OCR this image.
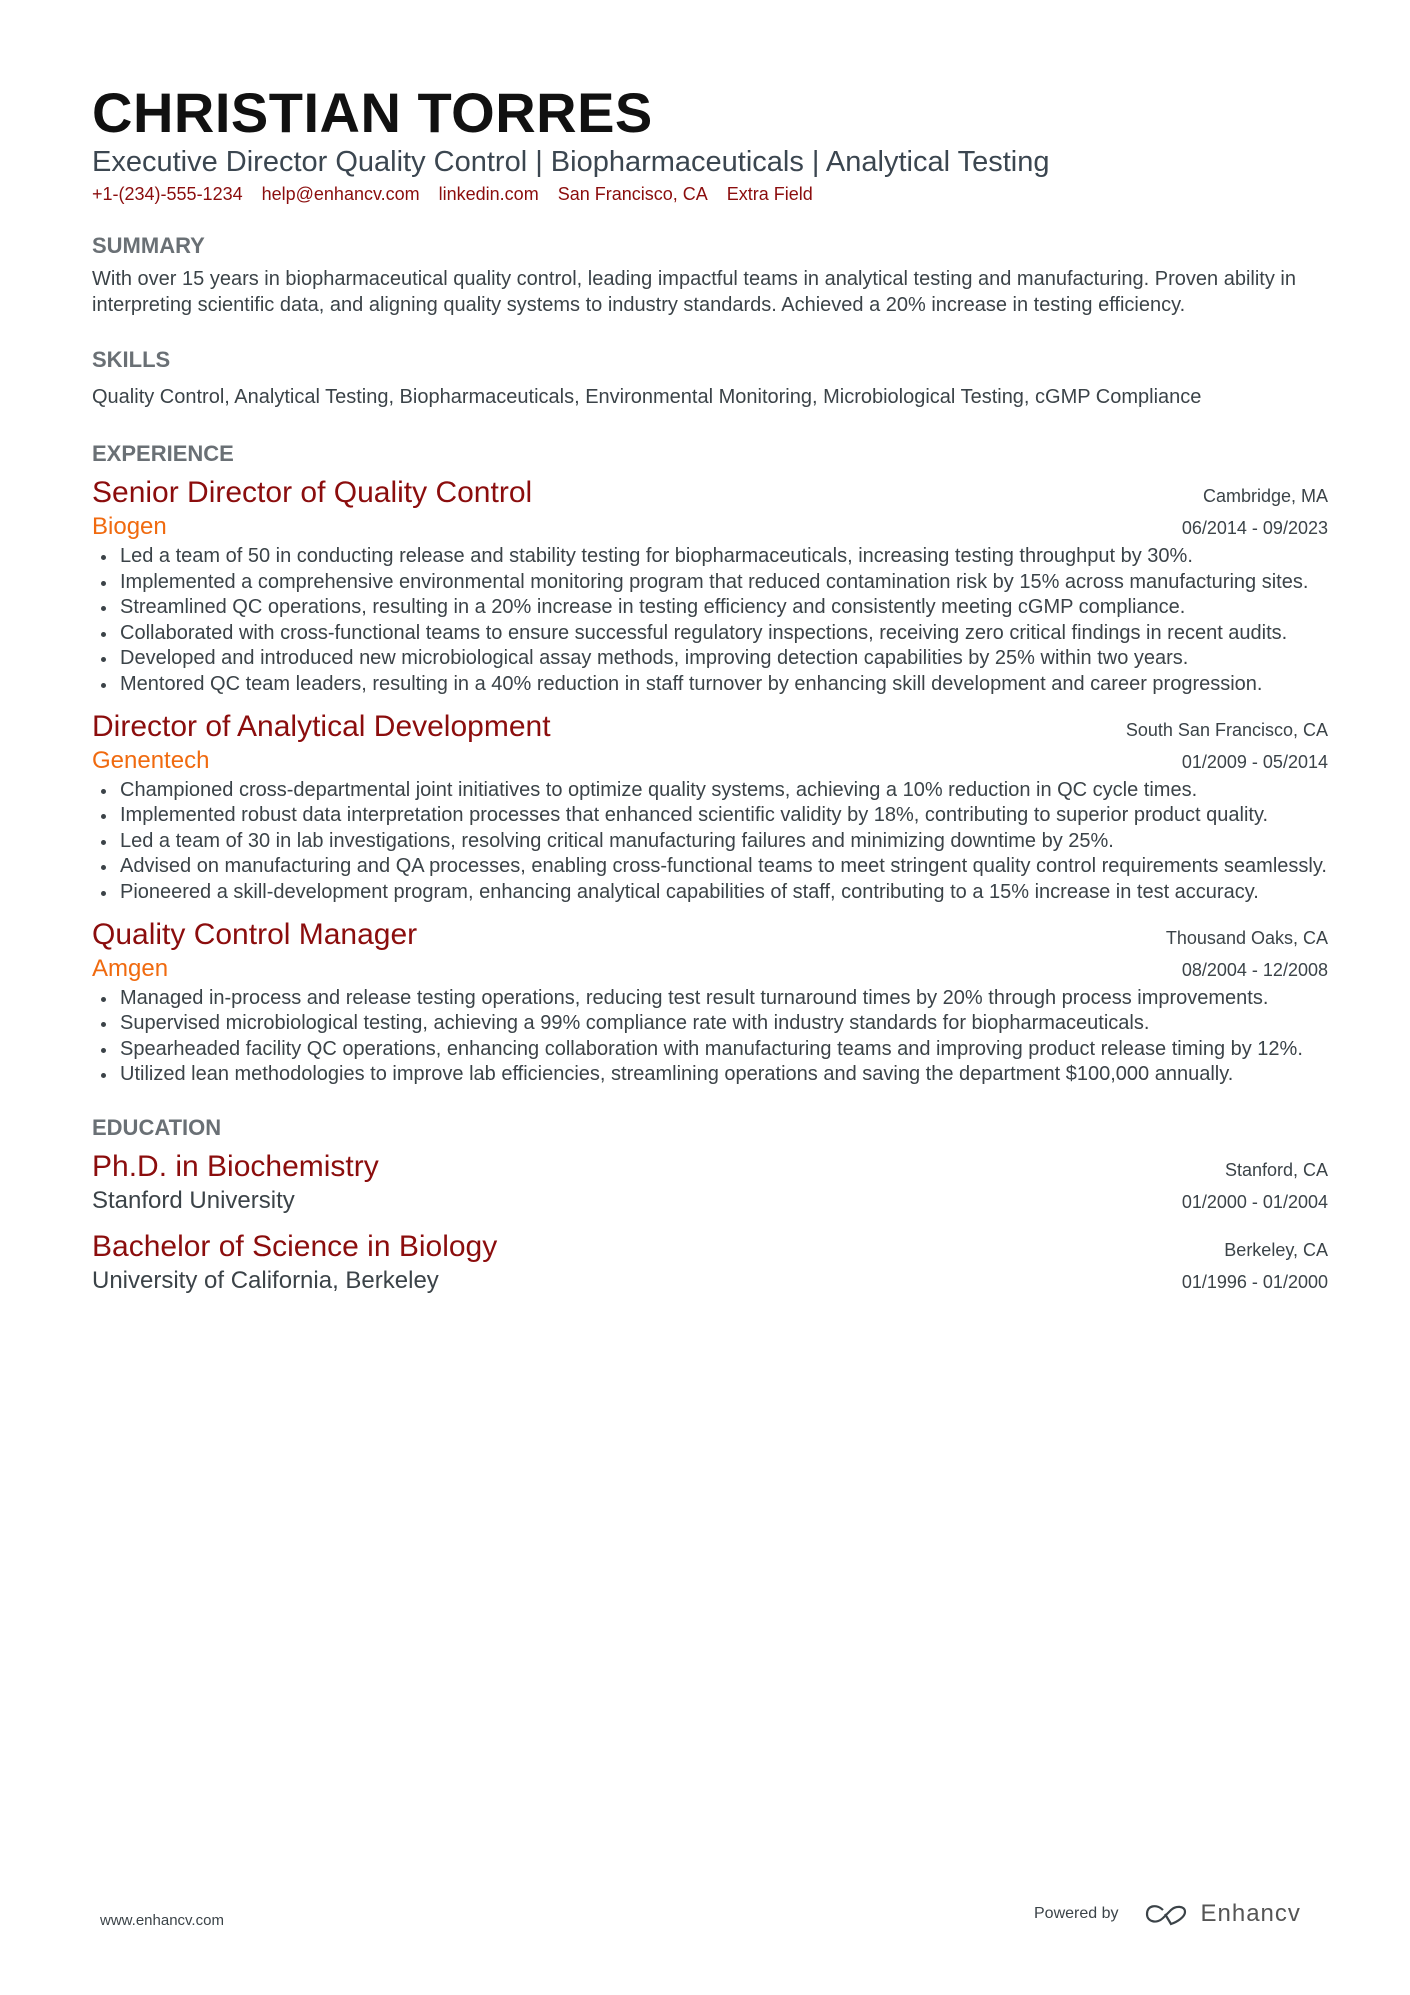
CHRISTIAN TORRES
Executive Director Quality Control | Biopharmaceuticals | Analytical Testing
+1-(234)-555-1234 help@enhancv.com linkedin.com San Francisco, CA Extra Field
SUMMARY
With over 15 years in biopharmaceutical quality control, leading impactful teams in analytical testing and manufacturing. Proven ability in interpreting scientific data, and aligning quality systems to industry standards. Achieved a 20% increase in testing efficiency.
SKILLS
Quality Control, Analytical Testing, Biopharmaceuticals, Environmental Monitoring, Microbiological Testing, cGMP Compliance
EXPERIENCE
Senior Director of Quality Control	Cambridge, MA
Biogen	06/2014 - 09/2023
Led a team of 50 in conducting release and stability testing for biopharmaceuticals, increasing testing throughput by 30%.
Implemented a comprehensive environmental monitoring program that reduced contamination risk by 15% across manufacturing sites.
Streamlined QC operations, resulting in a 20% increase in testing efficiency and consistently meeting cGMP compliance.
Collaborated with cross-functional teams to ensure successful regulatory inspections, receiving zero critical findings in recent audits.
Developed and introduced new microbiological assay methods, improving detection capabilities by 25% within two years.
Mentored QC team leaders, resulting in a 40% reduction in staff turnover by enhancing skill development and career progression.
Director of Analytical Development	South San Francisco, CA
Genentech	01/2009 - 05/2014
Championed cross-departmental joint initiatives to optimize quality systems, achieving a 10% reduction in QC cycle times.
Implemented robust data interpretation processes that enhanced scientific validity by 18%, contributing to superior product quality.
Led a team of 30 in lab investigations, resolving critical manufacturing failures and minimizing downtime by 25%.
Advised on manufacturing and QA processes, enabling cross-functional teams to meet stringent quality control requirements seamlessly.
Pioneered a skill-development program, enhancing analytical capabilities of staff, contributing to a 15% increase in test accuracy.
Quality Control Manager	Thousand Oaks, CA
Amgen	08/2004 - 12/2008
Managed in-process and release testing operations, reducing test result turnaround times by 20% through process improvements.
Supervised microbiological testing, achieving a 99% compliance rate with industry standards for biopharmaceuticals.
Spearheaded facility QC operations, enhancing collaboration with manufacturing teams and improving product release timing by 12%.
Utilized lean methodologies to improve lab efficiencies, streamlining operations and saving the department $100,000 annually.
EDUCATION
Ph.D. in Biochemistry	Stanford, CA
Stanford University	01/2000 - 01/2004
Bachelor of Science in Biology	Berkeley, CA
University of California, Berkeley	01/1996 - 01/2000
www.enhancv.com	Powered by	Enhancv
